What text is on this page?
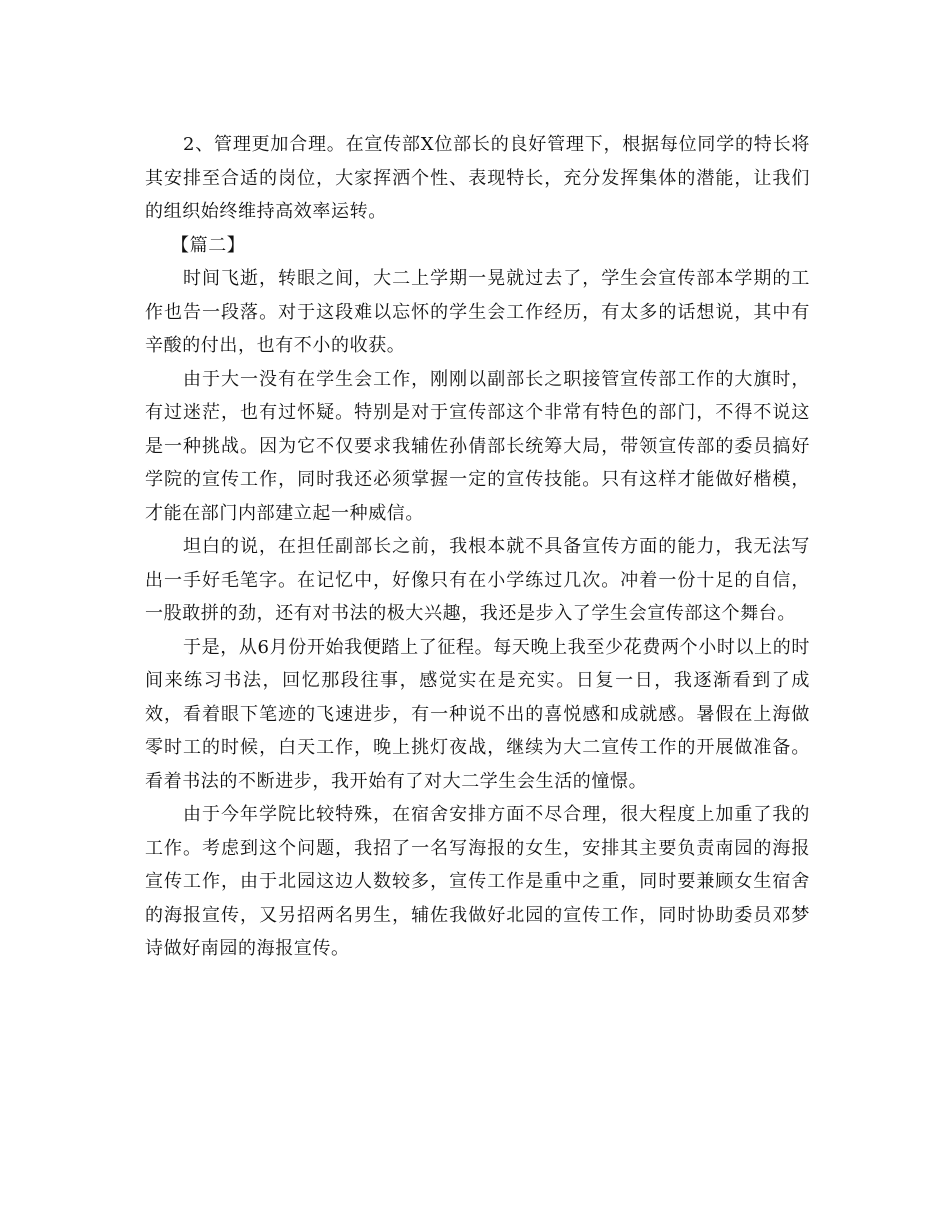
2、管理更加合理。在宣传部X位部长的良好管理下，根据每位同学的特长将其安排至合适的岗位，大家挥洒个性、表现特长，充分发挥集体的潜能，让我们的组织始终维持高效率运转。

【篇二】

时间飞逝，转眼之间，大二上学期一晃就过去了，学生会宣传部本学期的工作也告一段落。对于这段难以忘怀的学生会工作经历，有太多的话想说，其中有辛酸的付出，也有不小的收获。

由于大一没有在学生会工作，刚刚以副部长之职接管宣传部工作的大旗时，有过迷茫，也有过怀疑。特别是对于宣传部这个非常有特色的部门，不得不说这是一种挑战。因为它不仅要求我辅佐孙倩部长统筹大局，带领宣传部的委员搞好学院的宣传工作，同时我还必须掌握一定的宣传技能。只有这样才能做好楷模，才能在部门内部建立起一种威信。

坦白的说，在担任副部长之前，我根本就不具备宣传方面的能力，我无法写出一手好毛笔字。在记忆中，好像只有在小学练过几次。冲着一份十足的自信，一股敢拼的劲，还有对书法的极大兴趣，我还是步入了学生会宣传部这个舞台。

于是，从6月份开始我便踏上了征程。每天晚上我至少花费两个小时以上的时间来练习书法，回忆那段往事，感觉实在是充实。日复一日，我逐渐看到了成效，看着眼下笔迹的飞速进步，有一种说不出的喜悦感和成就感。暑假在上海做零时工的时候，白天工作，晚上挑灯夜战，继续为大二宣传工作的开展做准备。看着书法的不断进步，我开始有了对大二学生会生活的憧憬。

由于今年学院比较特殊，在宿舍安排方面不尽合理，很大程度上加重了我的工作。考虑到这个问题，我招了一名写海报的女生，安排其主要负责南园的海报宣传工作，由于北园这边人数较多，宣传工作是重中之重，同时要兼顾女生宿舍的海报宣传，又另招两名男生，辅佐我做好北园的宣传工作，同时协助委员邓梦诗做好南园的海报宣传。
